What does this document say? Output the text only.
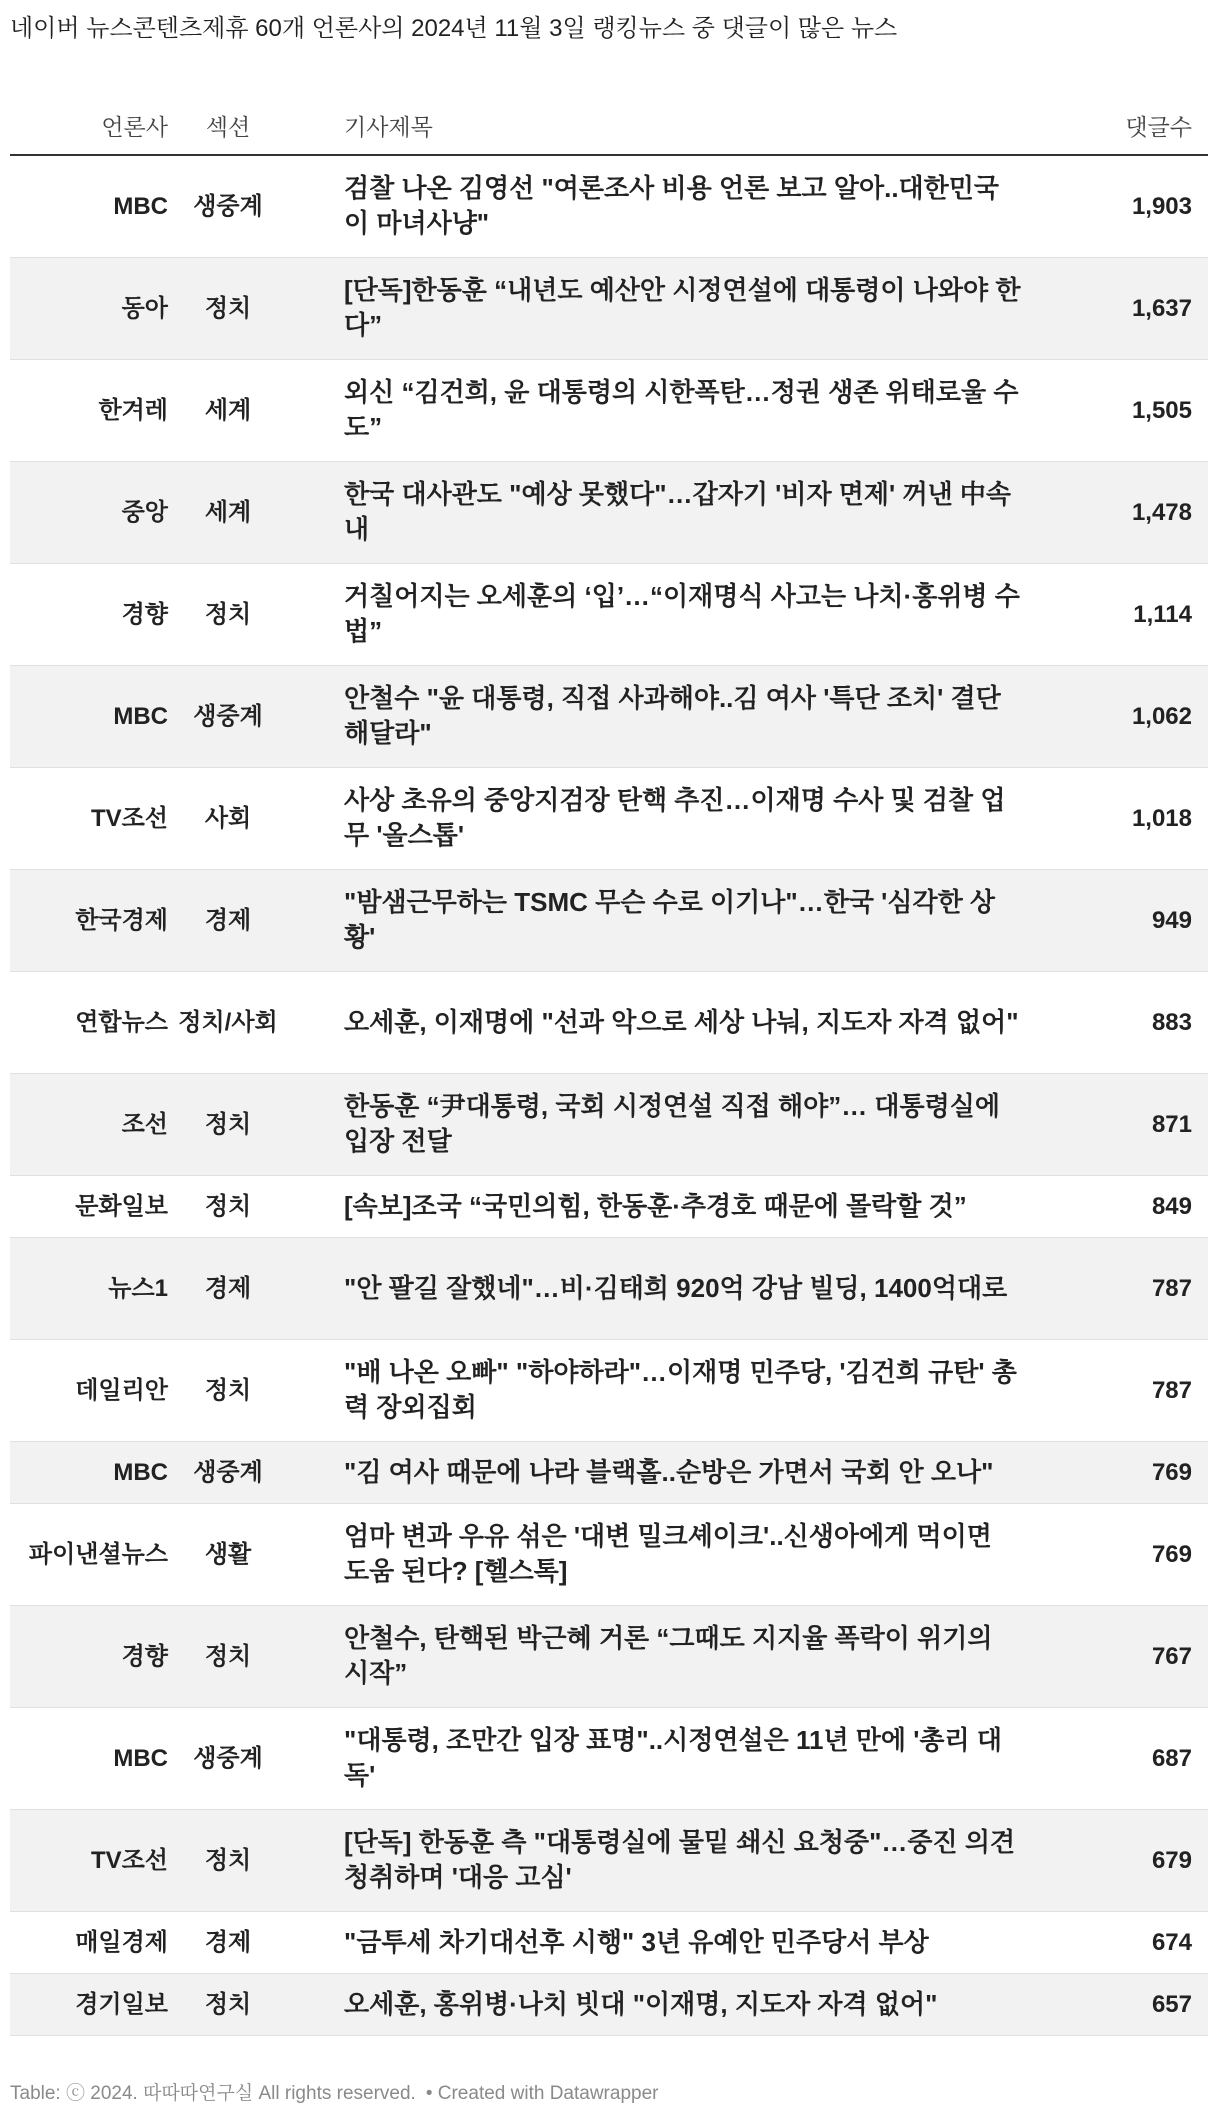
네이버 뉴스콘텐츠제휴 60개 언론사의 2024년 11월 3일 랭킹뉴스 중 댓글이 많은 뉴스
언론사	섹션	기사제목	댓글수
MBC	생중계	검찰 나온 김영선 "여론조사 비용 언론 보고 알아..대한민국이 마녀사냥"	1,903
동아	정치	[단독]한동훈 “내년도 예산안 시정연설에 대통령이 나와야 한다”	1,637
한겨레	세계	외신 “김건희, 윤 대통령의 시한폭탄…정권 생존 위태로울 수도”	1,505
중앙	세계	한국 대사관도 "예상 못했다"…갑자기 '비자 면제' 꺼낸 中속내	1,478
경향	정치	거칠어지는 오세훈의 ‘입’…“이재명식 사고는 나치·홍위병 수법”	1,114
MBC	생중계	안철수 "윤 대통령, 직접 사과해야..김 여사 '특단 조치' 결단해달라"	1,062
TV조선	사회	사상 초유의 중앙지검장 탄핵 추진…이재명 수사 및 검찰 업무 '올스톱'	1,018
한국경제	경제	"밤샘근무하는 TSMC 무슨 수로 이기나"…한국 '심각한 상황'	949
연합뉴스	정치/사회	오세훈, 이재명에 "선과 악으로 세상 나눠, 지도자 자격 없어"	883
조선	정치	한동훈 “尹대통령, 국회 시정연설 직접 해야”… 대통령실에 입장 전달	871
문화일보	정치	[속보]조국 “국민의힘, 한동훈·추경호 때문에 몰락할 것”	849
뉴스1	경제	"안 팔길 잘했네"…비·김태희 920억 강남 빌딩, 1400억대로	787
데일리안	정치	"배 나온 오빠" "하야하라"…이재명 민주당, '김건희 규탄' 총력 장외집회	787
MBC	생중계	"김 여사 때문에 나라 블랙홀..순방은 가면서 국회 안 오나"	769
파이낸셜뉴스	생활	엄마 변과 우유 섞은 '대변 밀크셰이크'..신생아에게 먹이면 도움 된다? [헬스톡]	769
경향	정치	안철수, 탄핵된 박근혜 거론 “그때도 지지율 폭락이 위기의 시작”	767
MBC	생중계	"대통령, 조만간 입장 표명"..시정연설은 11년 만에 '총리 대독'	687
TV조선	정치	[단독] 한동훈 측 "대통령실에 물밑 쇄신 요청중"…중진 의견 청취하며 '대응 고심'	679
매일경제	경제	"금투세 차기대선후 시행" 3년 유예안 민주당서 부상	674
경기일보	정치	오세훈, 홍위병·나치 빗대 "이재명, 지도자 자격 없어"	657
Table: ⓒ 2024. 따따따연구실 All rights reserved. • Created with Datawrapper
